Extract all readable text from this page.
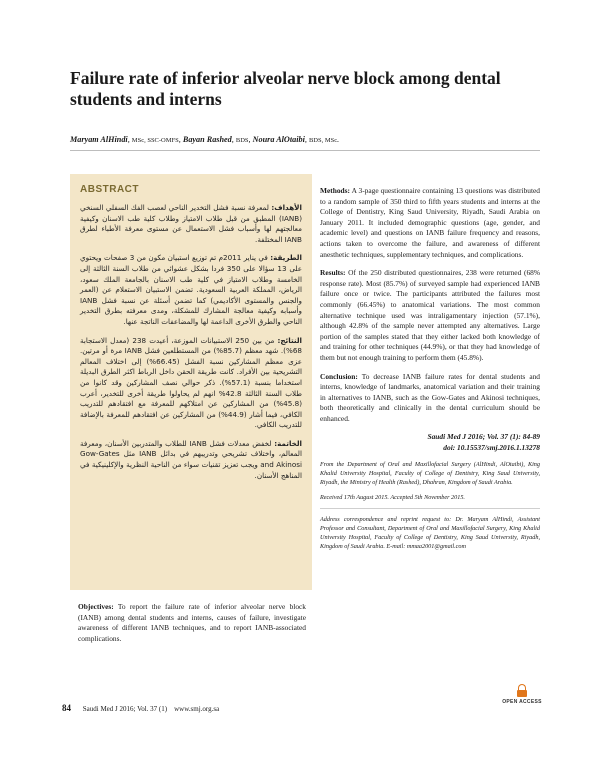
Failure rate of inferior alveolar nerve block among dental students and interns
Maryam AlHindi, MSc, SSC-OMFS, Bayan Rashed, BDS, Noura AlOtaibi, BDS, MSc.
ABSTRACT

الأهداف: لمعرفة نسبة فشل التخدير الناحي لعصب الفك السفلي السنخي (IANB) المطبق من قبل طلاب الامتياز وطلاب كلية طب الاسنان وكيفية معالجتهم لها وأسباب فشل الاستعمال عن مستوى معرفة الأطباء لطرق IANB المختلفة.

الطريقة: في يناير 2011م تم توزيع استبيان مكون من 3 صفحات ويحتوي على 13 سؤالا على 350 فردا بشكل عشوائي من طلاب السنة الثالثة إلى الخامسة وطلاب الامتياز في كلية طب الاسنان بالجامعة الملك سعود، الرياض، المملكة العربية السعودية. تضمن الاستبيان الاستعلام عن (العمر والجنس والمستوى الأكاديمي) كما تضمن أسئلة عن نسبة فشل IANB وأسبابه وكيفية معالجة المشارك للمشكلة، ومدى معرفته بطرق التخدير الناحي والطرق الأخرى الداعمة لها والمضاعفات الناتجة عنها.

النتائج: من بين 250 الاستبيانات الموزعة، أعيدت 238 (معدل الاستجابة 68%). شهد معظم (85.7%) من المستطلعين فشل IANB مرة أو مرتين. عزى معظم المشاركين نسبة الفشل (66.45%) إلى اختلاف المعالم التشريحية بين الأفراد. كانت طريقة الحقن داخل الرباط اكثر الطرق البديلة استخداما بنسبة (57.1%). ذكر حوالي نصف المشاركين وقد كانوا من طلاب السنة الثالثة 42.8% انهم لم يحاولوا طريقة أخرى للتخدير، أعرب (45.8%) من المشاركين عن امتلاكهم للمعرفة مع افتقادهم للتدريب الكافي، فيما أشار (44.9%) من المشاركين عن افتقادهم للمعرفة بالإضافة للتدريب الكافي.

الخاتمة: لخفض معدلات فشل IANB للطلاب والمتدربين الأسنان، ومعرفة المعالم، واختلاف تشريحي وتدريبهم في بدائل IANB مثل Gow-Gates and Akinosi ويجب تعزيز تقنيات سواء من الناحية النظرية والإكلينيكية في المناهج الأسنان.

Objectives: To report the failure rate of inferior alveolar nerve block (IANB) among dental students and interns, causes of failure, investigate awareness of different IANB techniques, and to report IANB-associated complications.

Methods: A 3-page questionnaire containing 13 questions was distributed to a random sample of 350 third to fifth years students and interns at the College of Dentistry, King Saud University, Riyadh, Saudi Arabia on January 2011. It included demographic questions (age, gender, and academic level) and questions on IANB failure frequency and reasons, actions taken to overcome the failure, and awareness of different anesthetic techniques, supplementary techniques, and complications.

Results: Of the 250 distributed questionnaires, 238 were returned (68% response rate). Most (85.7%) of surveyed sample had experienced IANB failure once or twice. The participants attributed the failures most commonly (66.45%) to anatomical variations. The most common alternative technique used was intraligamentary injection (57.1%), although 42.8% of the sample never attempted any alternatives. Large portion of the samples stated that they either lacked both knowledge of and training for other techniques (44.9%), or that they had knowledge of them but not enough training to perform them (45.8%).

Conclusion: To decrease IANB failure rates for dental students and interns, knowledge of landmarks, anatomical variation and their training in alternatives to IANB, such as the Gow-Gates and Akinosi techniques, both theoretically and clinically in the dental curriculum should be enhanced.

Saudi Med J 2016; Vol. 37 (1): 84-89
doi: 10.15537/smj.2016.1.13278

From the Department of Oral and Maxillofacial Surgery (AlHindi, AlOtaibi), King Khalid University Hospital, Faculty of College of Dentistry, King Saud University, Riyadh, the Ministry of Health (Rashed), Dhahran, Kingdom of Saudi Arabia.

Received 17th August 2015. Accepted 5th November 2015.

Address correspondence and reprint request to: Dr. Maryam AlHindi, Assistant Professor and Consultant, Department of Oral and Maxillofacial Surgery, King Khalid University Hospital, Faculty of College of Dentistry, King Saud University, Riyadh, Kingdom of Saudi Arabia. E-mail: mmaa2001@gmail.com

84 Saudi Med J 2016; Vol. 37 (1) www.smj.org.sa
OPEN ACCESS
